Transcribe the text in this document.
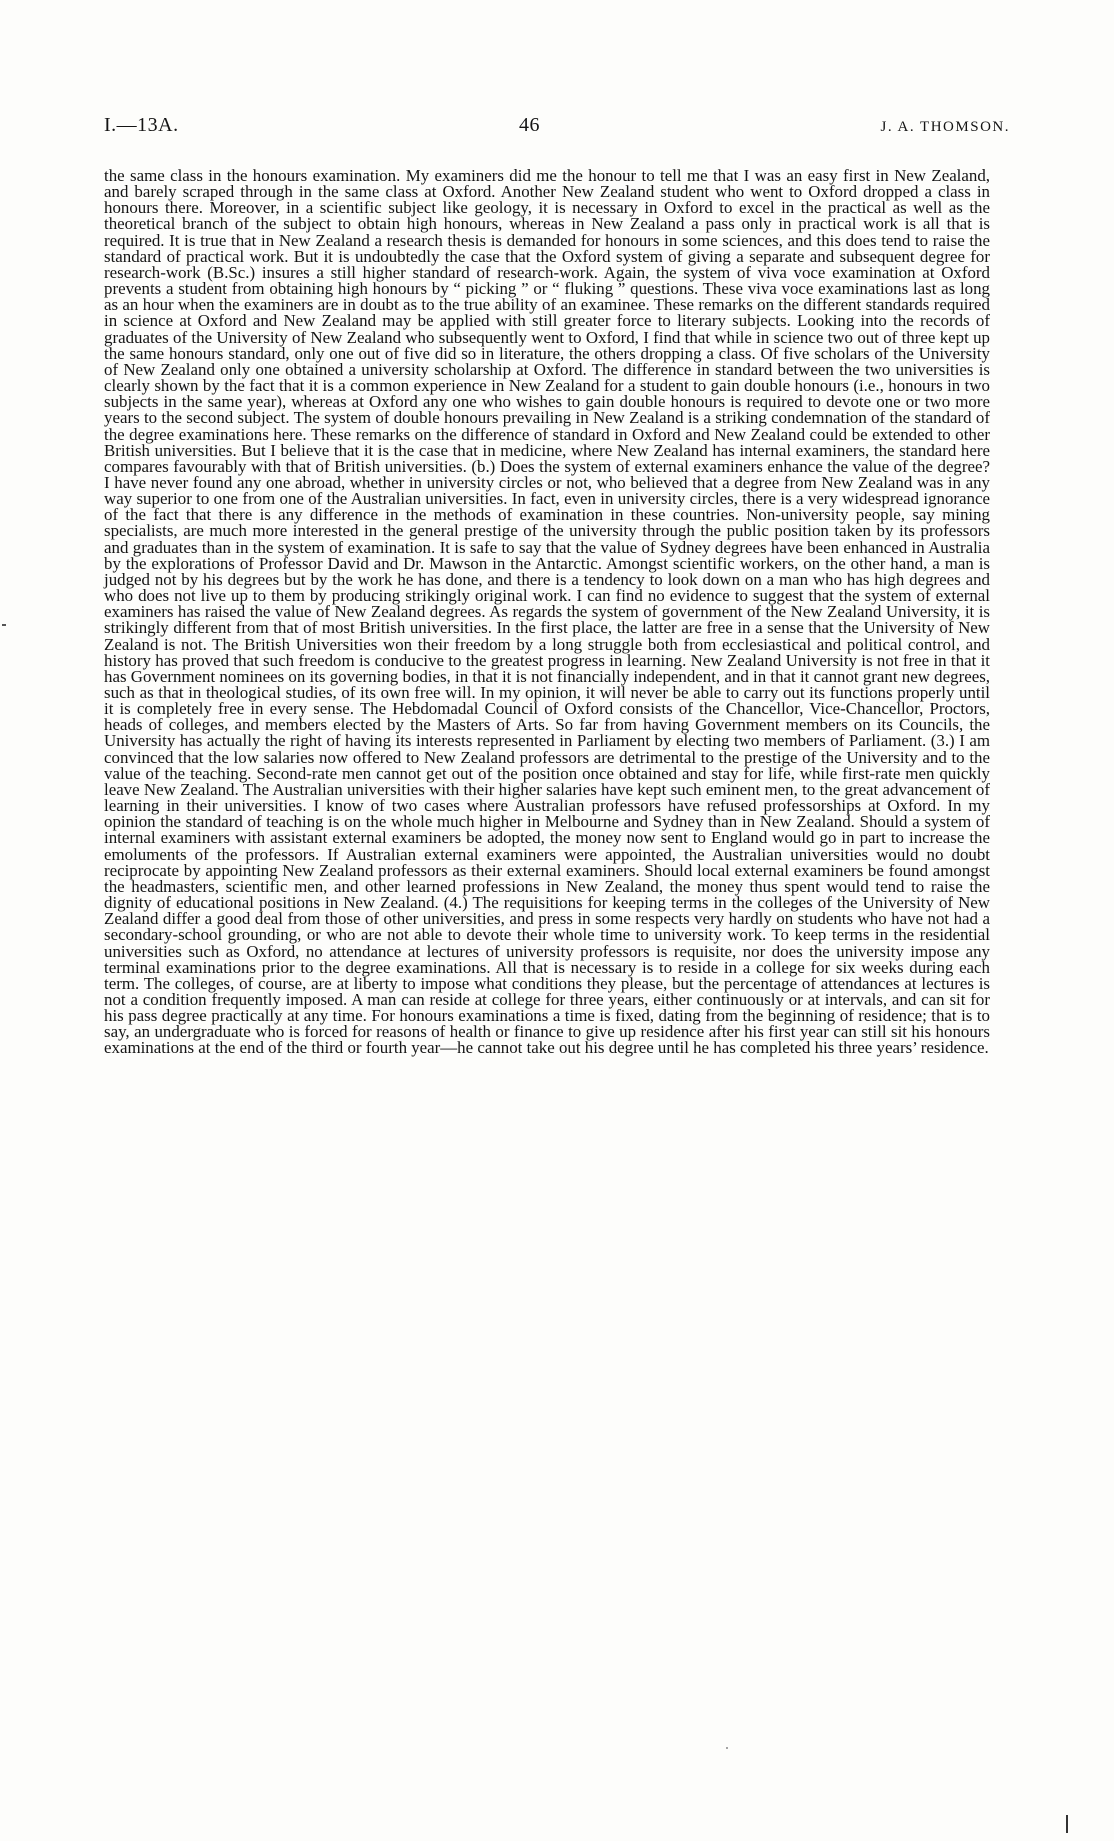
I.—13A.	46	J. A. THOMSON.

the same class in the honours examination. My examiners did me the honour to tell me that I was an easy first in New Zealand, and barely scraped through in the same class at Oxford. Another New Zealand student who went to Oxford dropped a class in honours there. Moreover, in a scientific subject like geology, it is necessary in Oxford to excel in the practical as well as the theoretical branch of the subject to obtain high honours, whereas in New Zealand a pass only in practical work is all that is required. It is true that in New Zealand a research thesis is demanded for honours in some sciences, and this does tend to raise the standard of practical work. But it is undoubtedly the case that the Oxford system of giving a separate and subsequent degree for research-work (B.Sc.) insures a still higher standard of research-work. Again, the system of viva voce examination at Oxford prevents a student from obtaining high honours by “ picking ” or “ fluking ” questions. These viva voce examinations last as long as an hour when the examiners are in doubt as to the true ability of an examinee. These remarks on the different standards required in science at Oxford and New Zealand may be applied with still greater force to literary subjects. Looking into the records of graduates of the University of New Zealand who subsequently went to Oxford, I find that while in science two out of three kept up the same honours standard, only one out of five did so in literature, the others dropping a class. Of five scholars of the University of New Zealand only one obtained a university scholarship at Oxford. The difference in standard between the two universities is clearly shown by the fact that it is a common experience in New Zealand for a student to gain double honours (i.e., honours in two subjects in the same year), whereas at Oxford any one who wishes to gain double honours is required to devote one or two more years to the second subject. The system of double honours prevailing in New Zealand is a striking condemnation of the standard of the degree examinations here. These remarks on the difference of standard in Oxford and New Zealand could be extended to other British universities. But I believe that it is the case that in medicine, where New Zealand has internal examiners, the standard here compares favourably with that of British universities. (b.) Does the system of external examiners enhance the value of the degree? I have never found any one abroad, whether in university circles or not, who believed that a degree from New Zealand was in any way superior to one from one of the Australian universities. In fact, even in university circles, there is a very widespread ignorance of the fact that there is any difference in the methods of examination in these countries. Non-university people, say mining specialists, are much more interested in the general prestige of the university through the public position taken by its professors and graduates than in the system of examination. It is safe to say that the value of Sydney degrees have been enhanced in Australia by the explorations of Professor David and Dr. Mawson in the Antarctic. Amongst scientific workers, on the other hand, a man is judged not by his degrees but by the work he has done, and there is a tendency to look down on a man who has high degrees and who does not live up to them by producing strikingly original work. I can find no evidence to suggest that the system of external examiners has raised the value of New Zealand degrees. As regards the system of government of the New Zealand University, it is strikingly different from that of most British universities. In the first place, the latter are free in a sense that the University of New Zealand is not. The British Universities won their freedom by a long struggle both from ecclesiastical and political control, and history has proved that such freedom is conducive to the greatest progress in learning. New Zealand University is not free in that it has Government nominees on its governing bodies, in that it is not financially independent, and in that it cannot grant new degrees, such as that in theological studies, of its own free will. In my opinion, it will never be able to carry out its functions properly until it is completely free in every sense. The Hebdomadal Council of Oxford consists of the Chancellor, Vice-Chancellor, Proctors, heads of colleges, and members elected by the Masters of Arts. So far from having Government members on its Councils, the University has actually the right of having its interests represented in Parliament by electing two members of Parliament. (3.) I am convinced that the low salaries now offered to New Zealand professors are detrimental to the prestige of the University and to the value of the teaching. Second-rate men cannot get out of the position once obtained and stay for life, while first-rate men quickly leave New Zealand. The Australian universities with their higher salaries have kept such eminent men, to the great advancement of learning in their universities. I know of two cases where Australian professors have refused professorships at Oxford. In my opinion the standard of teaching is on the whole much higher in Melbourne and Sydney than in New Zealand. Should a system of internal examiners with assistant external examiners be adopted, the money now sent to England would go in part to increase the emoluments of the professors. If Australian external examiners were appointed, the Australian universities would no doubt reciprocate by appointing New Zealand professors as their external examiners. Should local external examiners be found amongst the headmasters, scientific men, and other learned professions in New Zealand, the money thus spent would tend to raise the dignity of educational positions in New Zealand. (4.) The requisitions for keeping terms in the colleges of the University of New Zealand differ a good deal from those of other universities, and press in some respects very hardly on students who have not had a secondary-school grounding, or who are not able to devote their whole time to university work. To keep terms in the residential universities such as Oxford, no attendance at lectures of university professors is requisite, nor does the university impose any terminal examinations prior to the degree examinations. All that is necessary is to reside in a college for six weeks during each term. The colleges, of course, are at liberty to impose what conditions they please, but the percentage of attendances at lectures is not a condition frequently imposed. A man can reside at college for three years, either continuously or at intervals, and can sit for his pass degree practically at any time. For honours examinations a time is fixed, dating from the beginning of residence; that is to say, an undergraduate who is forced for reasons of health or finance to give up residence after his first year can still sit his honours examinations at the end of the third or fourth year—he cannot take out his degree until he has completed his three years’ residence.
